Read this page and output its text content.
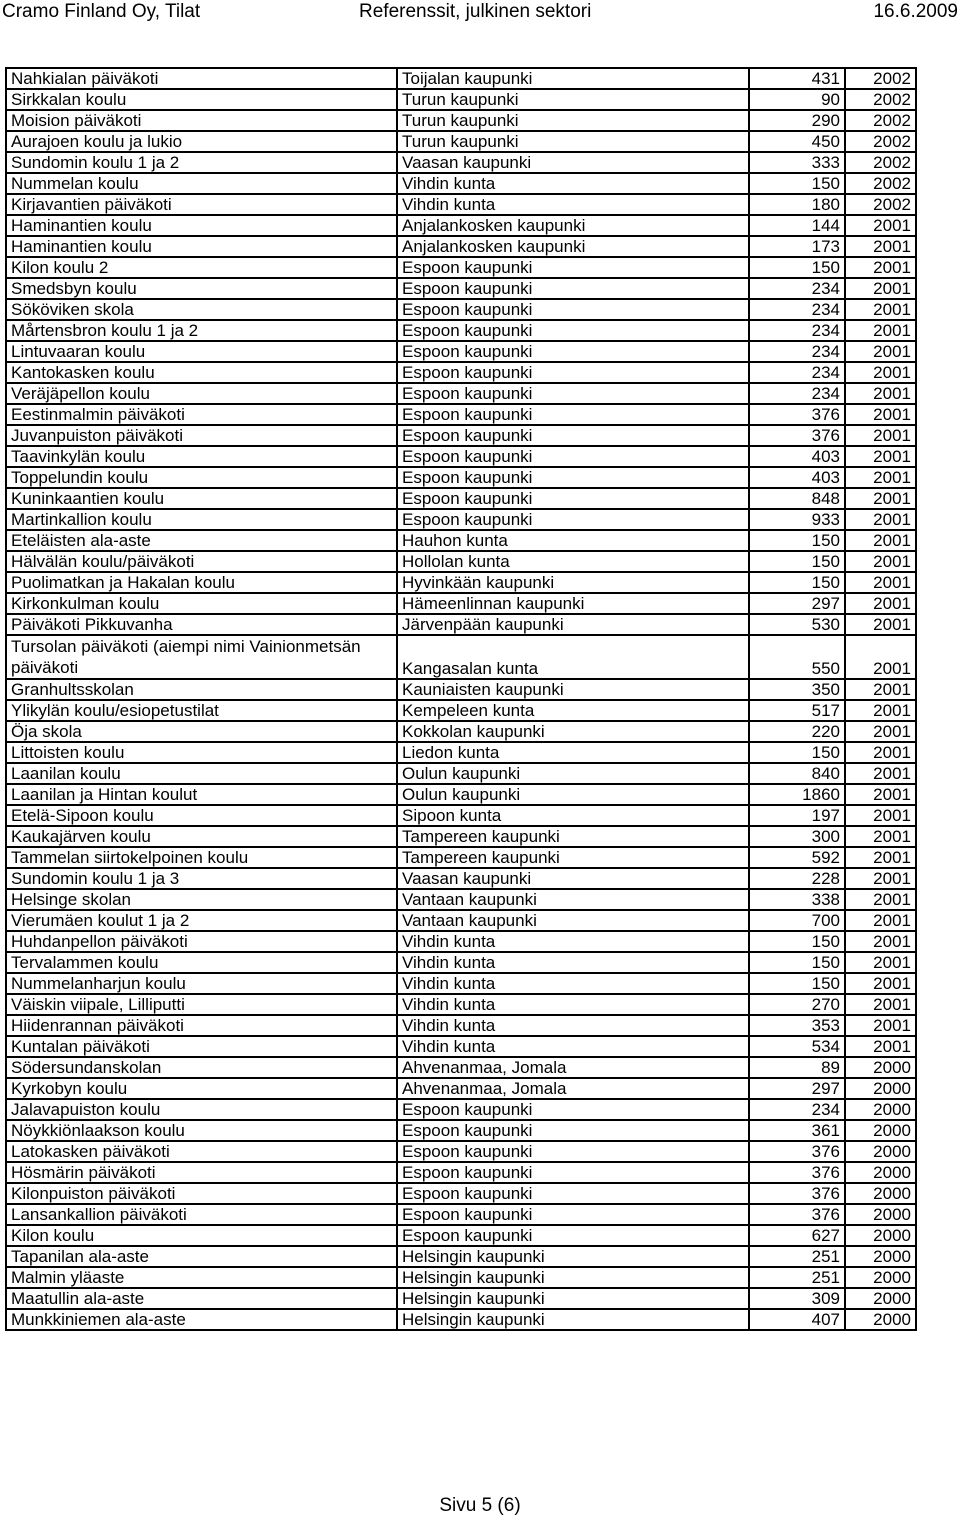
Cramo Finland Oy, Tilat	Referenssit, julkinen sektori	16.6.2009
Nahkialan päiväkoti	Toijalan kaupunki	431	2002
Sirkkalan koulu	Turun kaupunki	90	2002
Moision päiväkoti	Turun kaupunki	290	2002
Aurajoen koulu ja lukio	Turun kaupunki	450	2002
Sundomin koulu 1 ja 2	Vaasan kaupunki	333	2002
Nummelan koulu	Vihdin kunta	150	2002
Kirjavantien päiväkoti	Vihdin kunta	180	2002
Haminantien koulu	Anjalankosken kaupunki	144	2001
Haminantien koulu	Anjalankosken kaupunki	173	2001
Kilon koulu 2	Espoon kaupunki	150	2001
Smedsbyn koulu	Espoon kaupunki	234	2001
Sököviken skola	Espoon kaupunki	234	2001
Mårtensbron koulu 1 ja 2	Espoon kaupunki	234	2001
Lintuvaaran koulu	Espoon kaupunki	234	2001
Kantokasken koulu	Espoon kaupunki	234	2001
Veräjäpellon koulu	Espoon kaupunki	234	2001
Eestinmalmin päiväkoti	Espoon kaupunki	376	2001
Juvanpuiston päiväkoti	Espoon kaupunki	376	2001
Taavinkylän koulu	Espoon kaupunki	403	2001
Toppelundin koulu	Espoon kaupunki	403	2001
Kuninkaantien koulu	Espoon kaupunki	848	2001
Martinkallion koulu	Espoon kaupunki	933	2001
Eteläisten ala-aste	Hauhon kunta	150	2001
Hälvälän koulu/päiväkoti	Hollolan kunta	150	2001
Puolimatkan ja Hakalan koulu	Hyvinkään kaupunki	150	2001
Kirkonkulman koulu	Hämeenlinnan kaupunki	297	2001
Päiväkoti Pikkuvanha	Järvenpään kaupunki	530	2001
Tursolan päiväkoti (aiempi nimi Vainionmetsän päiväkoti	Kangasalan kunta	550	2001
Granhultsskolan	Kauniaisten kaupunki	350	2001
Ylikylän koulu/esiopetustilat	Kempeleen kunta	517	2001
Öja skola	Kokkolan kaupunki	220	2001
Littoisten koulu	Liedon kunta	150	2001
Laanilan koulu	Oulun kaupunki	840	2001
Laanilan ja Hintan koulut	Oulun kaupunki	1860	2001
Etelä-Sipoon koulu	Sipoon kunta	197	2001
Kaukajärven koulu	Tampereen kaupunki	300	2001
Tammelan siirtokelpoinen koulu	Tampereen kaupunki	592	2001
Sundomin koulu 1 ja 3	Vaasan kaupunki	228	2001
Helsinge skolan	Vantaan kaupunki	338	2001
Vierumäen koulut 1 ja 2	Vantaan kaupunki	700	2001
Huhdanpellon päiväkoti	Vihdin kunta	150	2001
Tervalammen koulu	Vihdin kunta	150	2001
Nummelanharjun koulu	Vihdin kunta	150	2001
Väiskin viipale, Lilliputti	Vihdin kunta	270	2001
Hiidenrannan päiväkoti	Vihdin kunta	353	2001
Kuntalan päiväkoti	Vihdin kunta	534	2001
Södersundanskolan	Ahvenanmaa, Jomala	89	2000
Kyrkobyn koulu	Ahvenanmaa, Jomala	297	2000
Jalavapuiston koulu	Espoon kaupunki	234	2000
Nöykkiönlaakson koulu	Espoon kaupunki	361	2000
Latokasken päiväkoti	Espoon kaupunki	376	2000
Hösmärin päiväkoti	Espoon kaupunki	376	2000
Kilonpuiston päiväkoti	Espoon kaupunki	376	2000
Lansankallion päiväkoti	Espoon kaupunki	376	2000
Kilon koulu	Espoon kaupunki	627	2000
Tapanilan ala-aste	Helsingin kaupunki	251	2000
Malmin yläaste	Helsingin kaupunki	251	2000
Maatullin ala-aste	Helsingin kaupunki	309	2000
Munkkiniemen ala-aste	Helsingin kaupunki	407	2000
Sivu 5 (6)
